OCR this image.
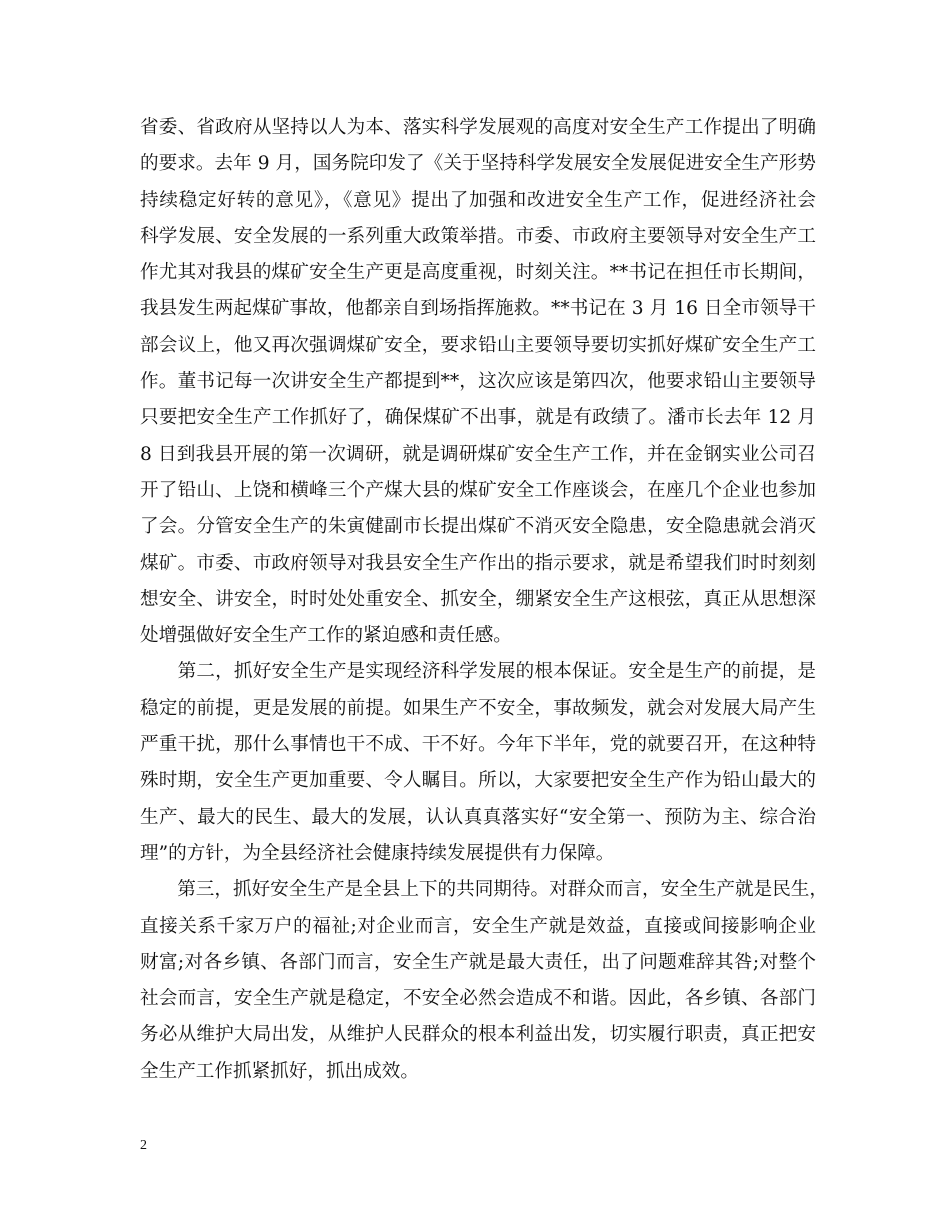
省委、省政府从坚持以人为本、落实科学发展观的高度对安全生产工作提出了明确
的要求。去年 9 月，国务院印发了《关于坚持科学发展安全发展促进安全生产形势
持续稳定好转的意见》，《意见》提出了加强和改进安全生产工作，促进经济社会
科学发展、安全发展的一系列重大政策举措。市委、市政府主要领导对安全生产工
作尤其对我县的煤矿安全生产更是高度重视，时刻关注。**书记在担任市长期间，
我县发生两起煤矿事故，他都亲自到场指挥施救。**书记在 3 月 16 日全市领导干
部会议上，他又再次强调煤矿安全，要求铅山主要领导要切实抓好煤矿安全生产工
作。董书记每一次讲安全生产都提到**，这次应该是第四次，他要求铅山主要领导
只要把安全生产工作抓好了，确保煤矿不出事，就是有政绩了。潘市长去年 12 月
8 日到我县开展的第一次调研，就是调研煤矿安全生产工作，并在金钢实业公司召
开了铅山、上饶和横峰三个产煤大县的煤矿安全工作座谈会，在座几个企业也参加
了会。分管安全生产的朱寅健副市长提出煤矿不消灭安全隐患，安全隐患就会消灭
煤矿。市委、市政府领导对我县安全生产作出的指示要求，就是希望我们时时刻刻
想安全、讲安全，时时处处重安全、抓安全，绷紧安全生产这根弦，真正从思想深
处增强做好安全生产工作的紧迫感和责任感。
　　第二，抓好安全生产是实现经济科学发展的根本保证。安全是生产的前提，是
稳定的前提，更是发展的前提。如果生产不安全，事故频发，就会对发展大局产生
严重干扰，那什么事情也干不成、干不好。今年下半年，党的就要召开，在这种特
殊时期，安全生产更加重要、令人瞩目。所以，大家要把安全生产作为铅山最大的
生产、最大的民生、最大的发展，认认真真落实好“安全第一、预防为主、综合治
理”的方针，为全县经济社会健康持续发展提供有力保障。
　　第三，抓好安全生产是全县上下的共同期待。对群众而言，安全生产就是民生，
直接关系千家万户的福祉;对企业而言，安全生产就是效益，直接或间接影响企业
财富;对各乡镇、各部门而言，安全生产就是最大责任，出了问题难辞其咎;对整个
社会而言，安全生产就是稳定，不安全必然会造成不和谐。因此，各乡镇、各部门
务必从维护大局出发，从维护人民群众的根本利益出发，切实履行职责，真正把安
全生产工作抓紧抓好，抓出成效。
2
